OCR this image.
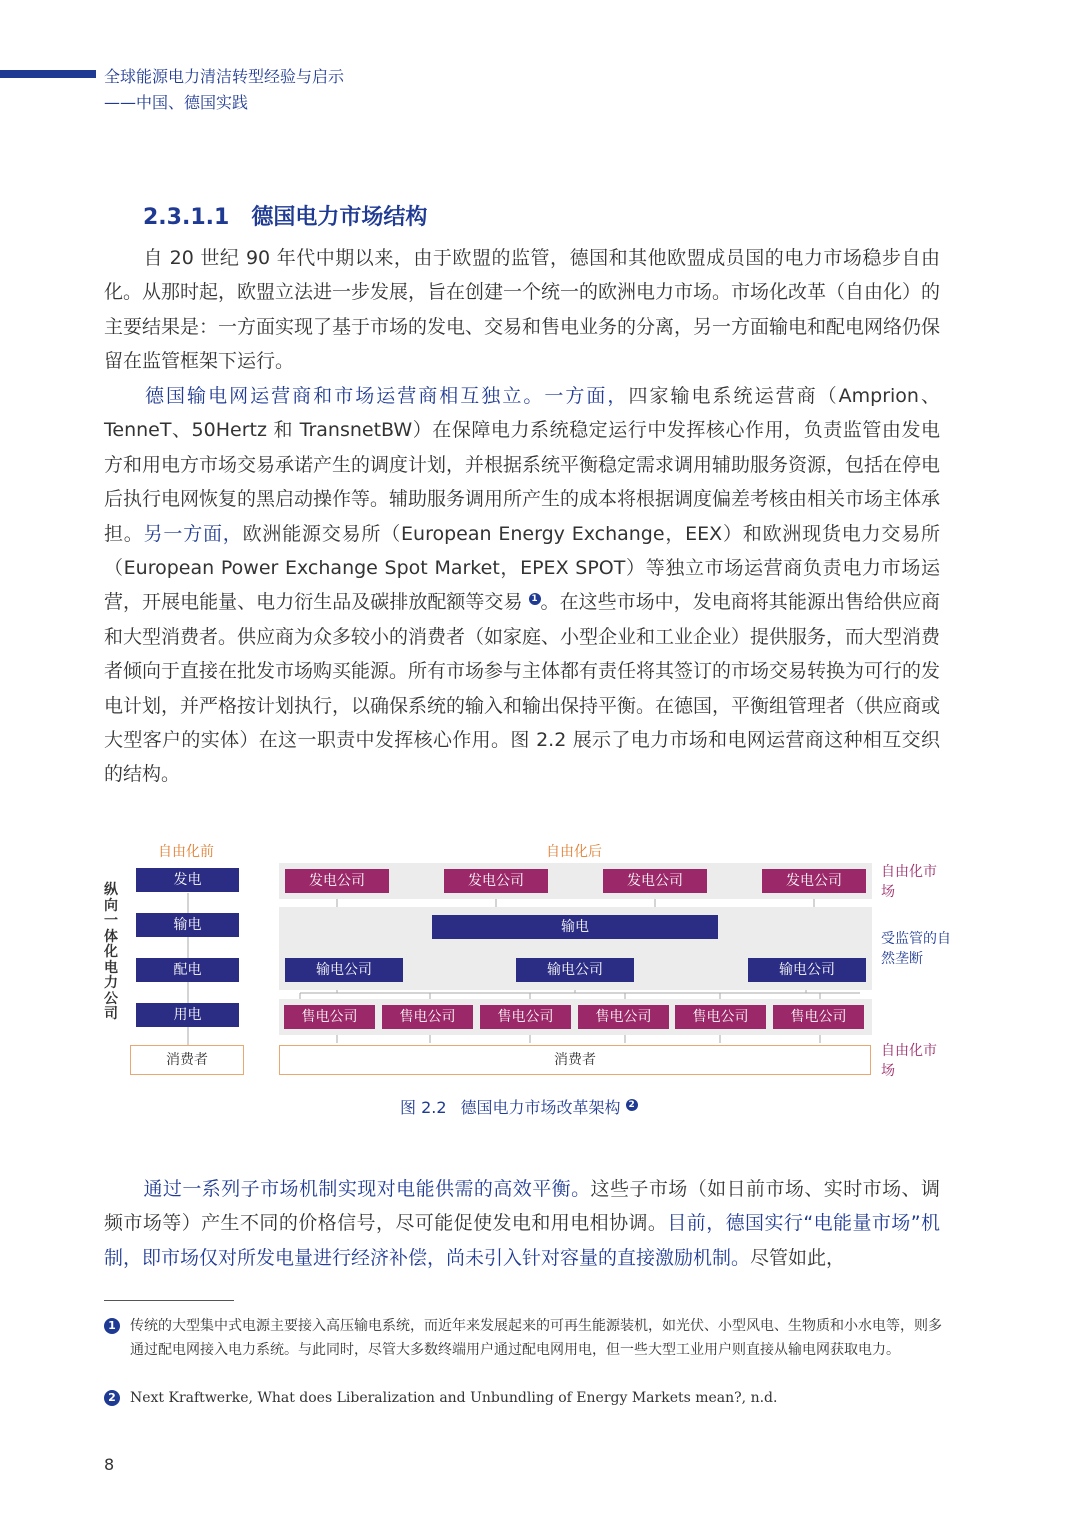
全球能源电力清洁转型经验与启示
——中国、德国实践
2.3.1.1 德国电力市场结构
自 20 世纪 90 年代中期以来，由于欧盟的监管，德国和其他欧盟成员国的电力市场稳步自由化。从那时起，欧盟立法进一步发展，旨在创建一个统一的欧洲电力市场。市场化改革（自由化）的主要结果是：一方面实现了基于市场的发电、交易和售电业务的分离，另一方面输电和配电网络仍保留在监管框架下运行。
德国输电网运营商和市场运营商相互独立。一方面，四家输电系统运营商（Amprion、TenneT、50Hertz 和 TransnetBW）在保障电力系统稳定运行中发挥核心作用，负责监管由发电方和用电方市场交易承诺产生的调度计划，并根据系统平衡稳定需求调用辅助服务资源，包括在停电后执行电网恢复的黑启动操作等。辅助服务调用所产生的成本将根据调度偏差考核由相关市场主体承担。另一方面，欧洲能源交易所（European Energy Exchange，EEX）和欧洲现货电力交易所（European Power Exchange Spot Market，EPEX SPOT）等独立市场运营商负责电力市场运营，开展电能量、电力衍生品及碳排放配额等交易 1 。在这些市场中，发电商将其能源出售给供应商和大型消费者。供应商为众多较小的消费者（如家庭、小型企业和工业企业）提供服务，而大型消费者倾向于直接在批发市场购买能源。所有市场参与主体都有责任将其签订的市场交易转换为可行的发电计划，并严格按计划执行，以确保系统的输入和输出保持平衡。在德国，平衡组管理者（供应商或大型客户的实体）在这一职责中发挥核心作用。图 2.2 展示了电力市场和电网运营商这种相互交织的结构。
自由化前	自由化后
纵向一体化电力公司
发电
输电
配电
用电
消费者
发电公司	发电公司	发电公司	发电公司
输电
输电公司	输电公司	输电公司
售电公司	售电公司	售电公司	售电公司	售电公司	售电公司
消费者
自由化市场
受监管的自然垄断
自由化市场
图 2.2 德国电力市场改革架构 2
通过一系列子市场机制实现对电能供需的高效平衡。这些子市场（如日前市场、实时市场、调频市场等）产生不同的价格信号，尽可能促使发电和用电相协调。目前，德国实行“电能量市场”机制，即市场仅对所发电量进行经济补偿，尚未引入针对容量的直接激励机制。尽管如此，
1	传统的大型集中式电源主要接入高压输电系统，而近年来发展起来的可再生能源装机，如光伏、小型风电、生物质和小水电等，则多通过配电网接入电力系统。与此同时，尽管大多数终端用户通过配电网用电，但一些大型工业用户则直接从输电网获取电力。
2	Next Kraftwerke, What does Liberalization and Unbundling of Energy Markets mean?, n.d.
8
